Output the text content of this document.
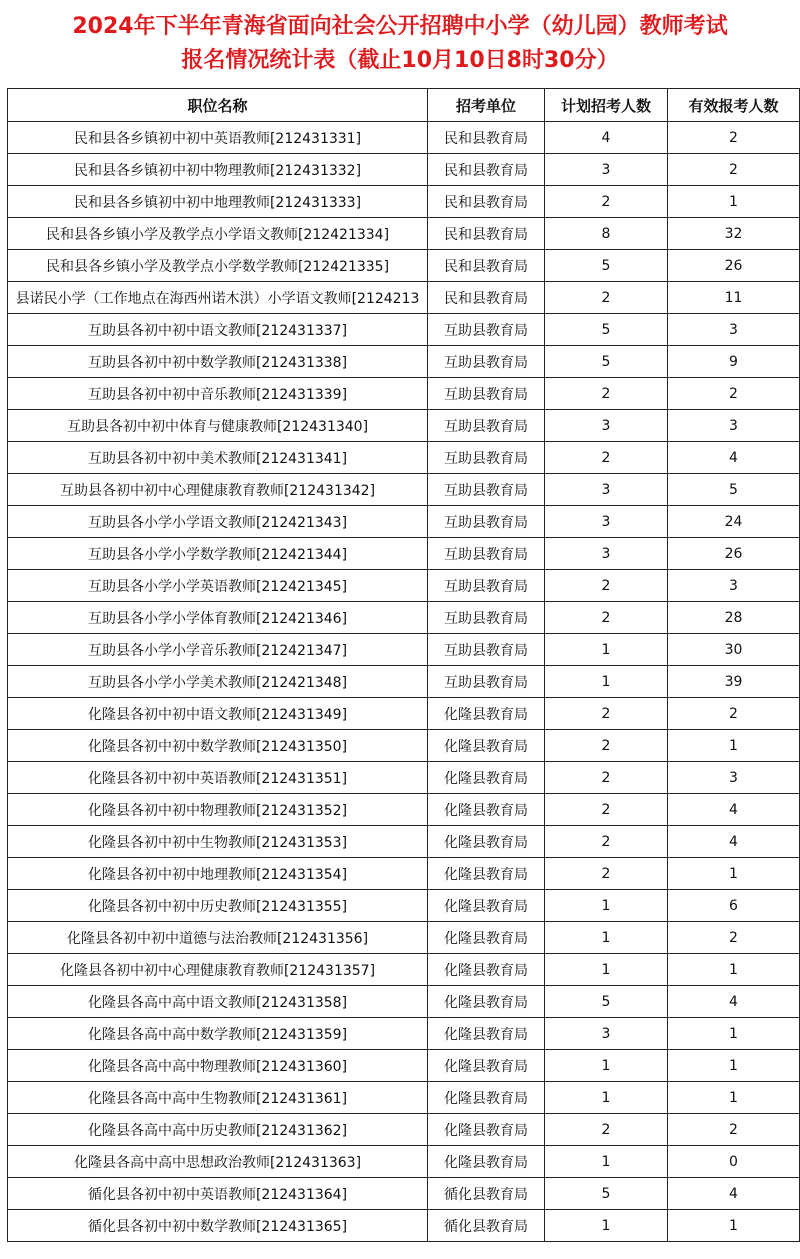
2024年下半年青海省面向社会公开招聘中小学（幼儿园）教师考试
报名情况统计表（截止10月10日8时30分）
职位名称	招考单位	计划招考人数	有效报考人数
民和县各乡镇初中初中英语教师[212431331]	民和县教育局	4	2
民和县各乡镇初中初中物理教师[212431332]	民和县教育局	3	2
民和县各乡镇初中初中地理教师[212431333]	民和县教育局	2	1
民和县各乡镇小学及教学点小学语文教师[212421334]	民和县教育局	8	32
民和县各乡镇小学及教学点小学数学教师[212421335]	民和县教育局	5	26
县诺民小学（工作地点在海西州诺木洪）小学语文教师[2124213	民和县教育局	2	11
互助县各初中初中语文教师[212431337]	互助县教育局	5	3
互助县各初中初中数学教师[212431338]	互助县教育局	5	9
互助县各初中初中音乐教师[212431339]	互助县教育局	2	2
互助县各初中初中体育与健康教师[212431340]	互助县教育局	3	3
互助县各初中初中美术教师[212431341]	互助县教育局	2	4
互助县各初中初中心理健康教育教师[212431342]	互助县教育局	3	5
互助县各小学小学语文教师[212421343]	互助县教育局	3	24
互助县各小学小学数学教师[212421344]	互助县教育局	3	26
互助县各小学小学英语教师[212421345]	互助县教育局	2	3
互助县各小学小学体育教师[212421346]	互助县教育局	2	28
互助县各小学小学音乐教师[212421347]	互助县教育局	1	30
互助县各小学小学美术教师[212421348]	互助县教育局	1	39
化隆县各初中初中语文教师[212431349]	化隆县教育局	2	2
化隆县各初中初中数学教师[212431350]	化隆县教育局	2	1
化隆县各初中初中英语教师[212431351]	化隆县教育局	2	3
化隆县各初中初中物理教师[212431352]	化隆县教育局	2	4
化隆县各初中初中生物教师[212431353]	化隆县教育局	2	4
化隆县各初中初中地理教师[212431354]	化隆县教育局	2	1
化隆县各初中初中历史教师[212431355]	化隆县教育局	1	6
化隆县各初中初中道德与法治教师[212431356]	化隆县教育局	1	2
化隆县各初中初中心理健康教育教师[212431357]	化隆县教育局	1	1
化隆县各高中高中语文教师[212431358]	化隆县教育局	5	4
化隆县各高中高中数学教师[212431359]	化隆县教育局	3	1
化隆县各高中高中物理教师[212431360]	化隆县教育局	1	1
化隆县各高中高中生物教师[212431361]	化隆县教育局	1	1
化隆县各高中高中历史教师[212431362]	化隆县教育局	2	2
化隆县各高中高中思想政治教师[212431363]	化隆县教育局	1	0
循化县各初中初中英语教师[212431364]	循化县教育局	5	4
循化县各初中初中数学教师[212431365]	循化县教育局	1	1
